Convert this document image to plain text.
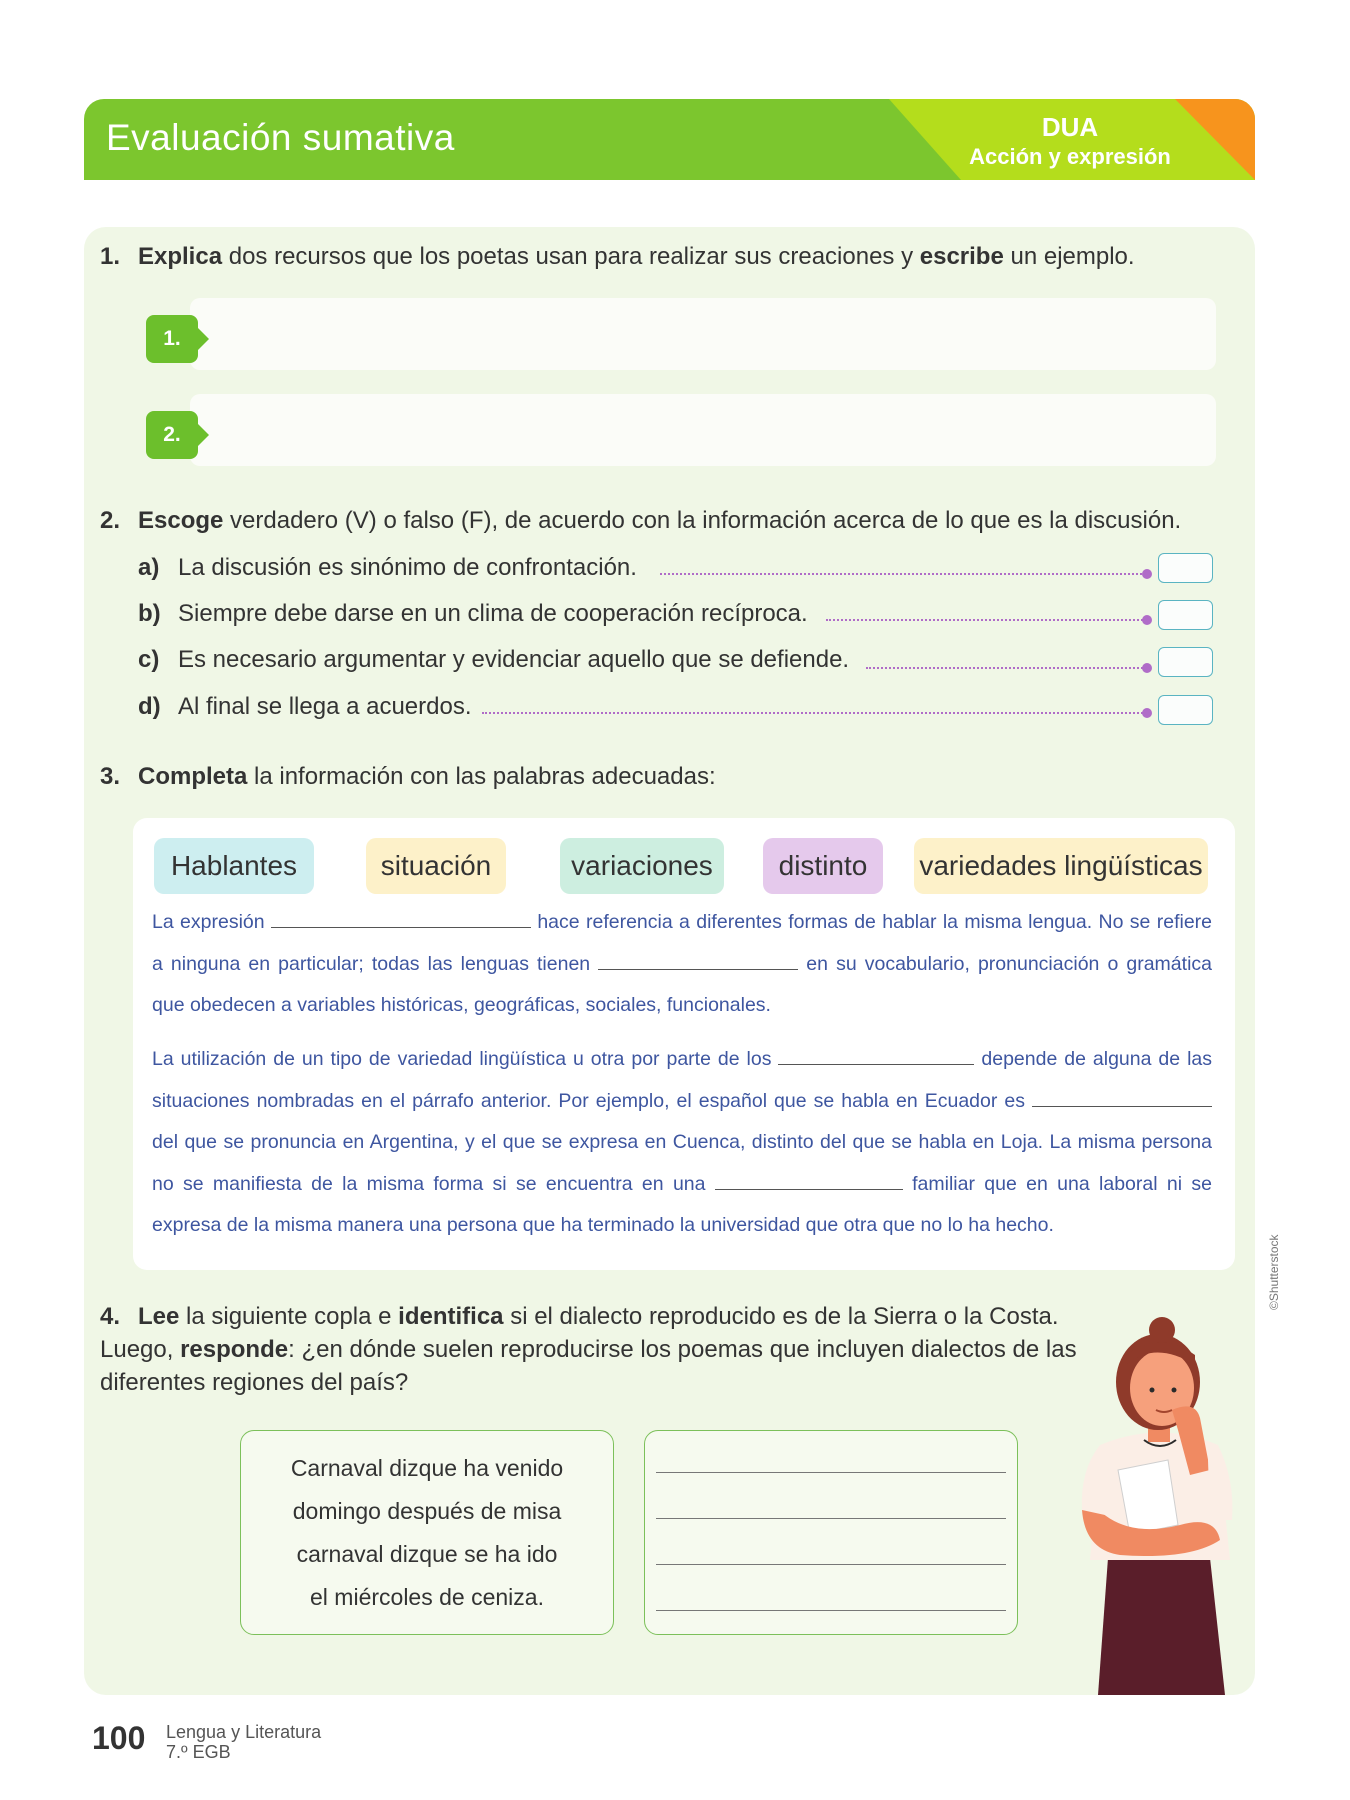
Evaluación sumativa	DUA
Acción y expresión
1. Explica dos recursos que los poetas usan para realizar sus creaciones y escribe un ejemplo.
1.
2.
2. Escoge verdadero (V) o falso (F), de acuerdo con la información acerca de lo que es la discusión.
a) La discusión es sinónimo de confrontación.
b) Siempre debe darse en un clima de cooperación recíproca.
c) Es necesario argumentar y evidenciar aquello que se defiende.
d) Al final se llega a acuerdos.
3. Completa la información con las palabras adecuadas:
Hablantes	situación	variaciones	distinto	variedades lingüísticas
La expresión	hace referencia a diferentes formas de hablar la misma lengua. No se refiere a ninguna en particular; todas las lenguas tienen	en su vocabulario, pronunciación o gramática que obedecen a variables históricas, geográficas, sociales, funcionales.
La utilización de un tipo de variedad lingüística u otra por parte de los	depende de alguna de las situaciones nombradas en el párrafo anterior. Por ejemplo, el español que se habla en Ecuador es  del que se pronuncia en Argentina, y el que se expresa en Cuenca, distinto del que se habla en Loja. La misma persona no se manifiesta de la misma forma si se encuentra en una	familiar que en una laboral ni se expresa de la misma manera una persona que ha terminado la universidad que otra que no lo ha hecho.
4. Lee la siguiente copla e identifica si el dialecto reproducido es de la Sierra o la Costa. Luego, responde: ¿en dónde suelen reproducirse los poemas que incluyen dialectos de las diferentes regiones del país?
Carnaval dizque ha venido
domingo después de misa
carnaval dizque se ha ido
el miércoles de ceniza.
©Shutterstock
100 Lengua y Literatura
7.º EGB
